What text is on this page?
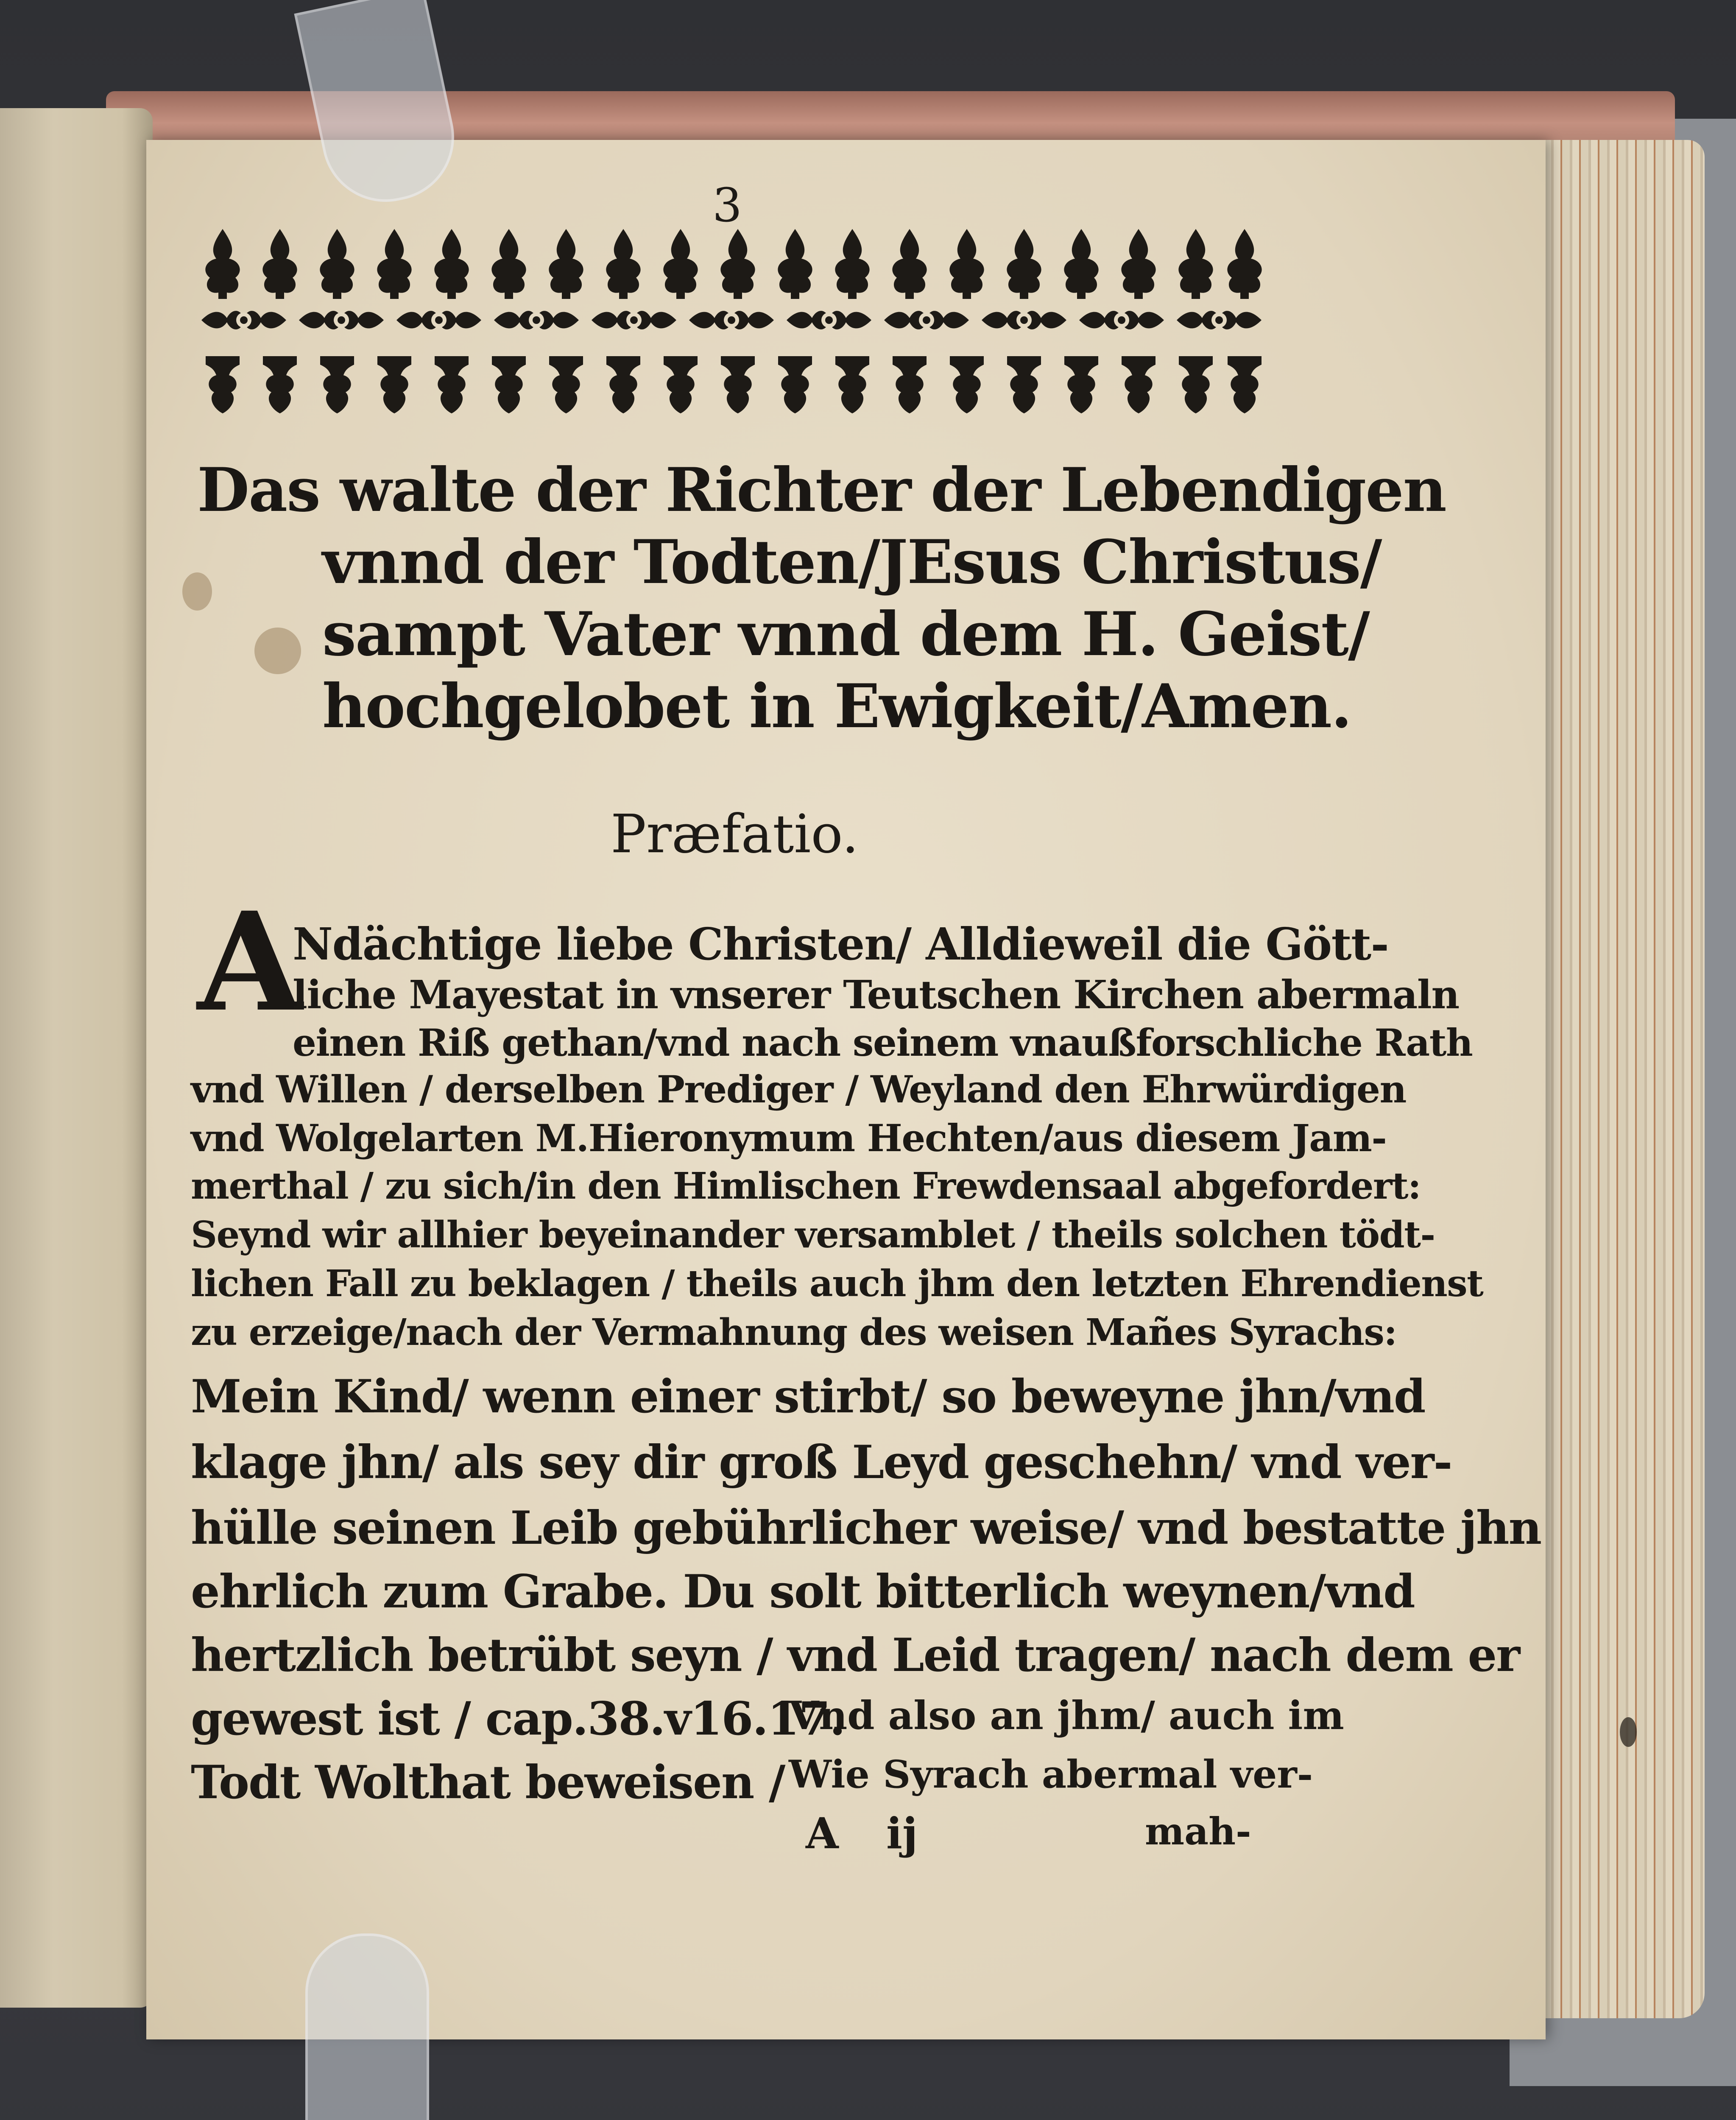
3
Das walte der Richter der Lebendigen
vnnd der Todten/JEsus Christus/
sampt Vater vnnd dem H. Geist/
hochgelobet in Ewigkeit/Amen.
Præfatio.
A
Ndächtige liebe Christen/ Alldieweil die Gött-
liche Mayestat in vnserer Teutschen Kirchen abermaln
einen Riß gethan/vnd nach seinem vnaußforschliche Rath
vnd Willen / derselben Prediger / Weyland den Ehrwürdigen
vnd Wolgelarten M.Hieronymum Hechten/aus diesem Jam-
merthal / zu sich/in den Himlischen Frewdensaal abgefordert:
Seynd wir allhier beyeinander versamblet / theils solchen tödt-
lichen Fall zu beklagen / theils auch jhm den letzten Ehrendienst
zu erzeige/nach der Vermahnung des weisen Mañes Syrachs:
Mein Kind/ wenn einer stirbt/ so beweyne jhn/vnd
klage jhn/ als sey dir groß Leyd geschehn/ vnd ver-
hülle seinen Leib gebührlicher weise/ vnd bestatte jhn
ehrlich zum Grabe. Du solt bitterlich weynen/vnd
hertzlich betrübt seyn / vnd Leid tragen/ nach dem er
gewest ist / cap.38.v16.17.
Vnd also an jhm/ auch im
Todt Wolthat beweisen / Wie Syrach abermal ver-
A ij	mah-
